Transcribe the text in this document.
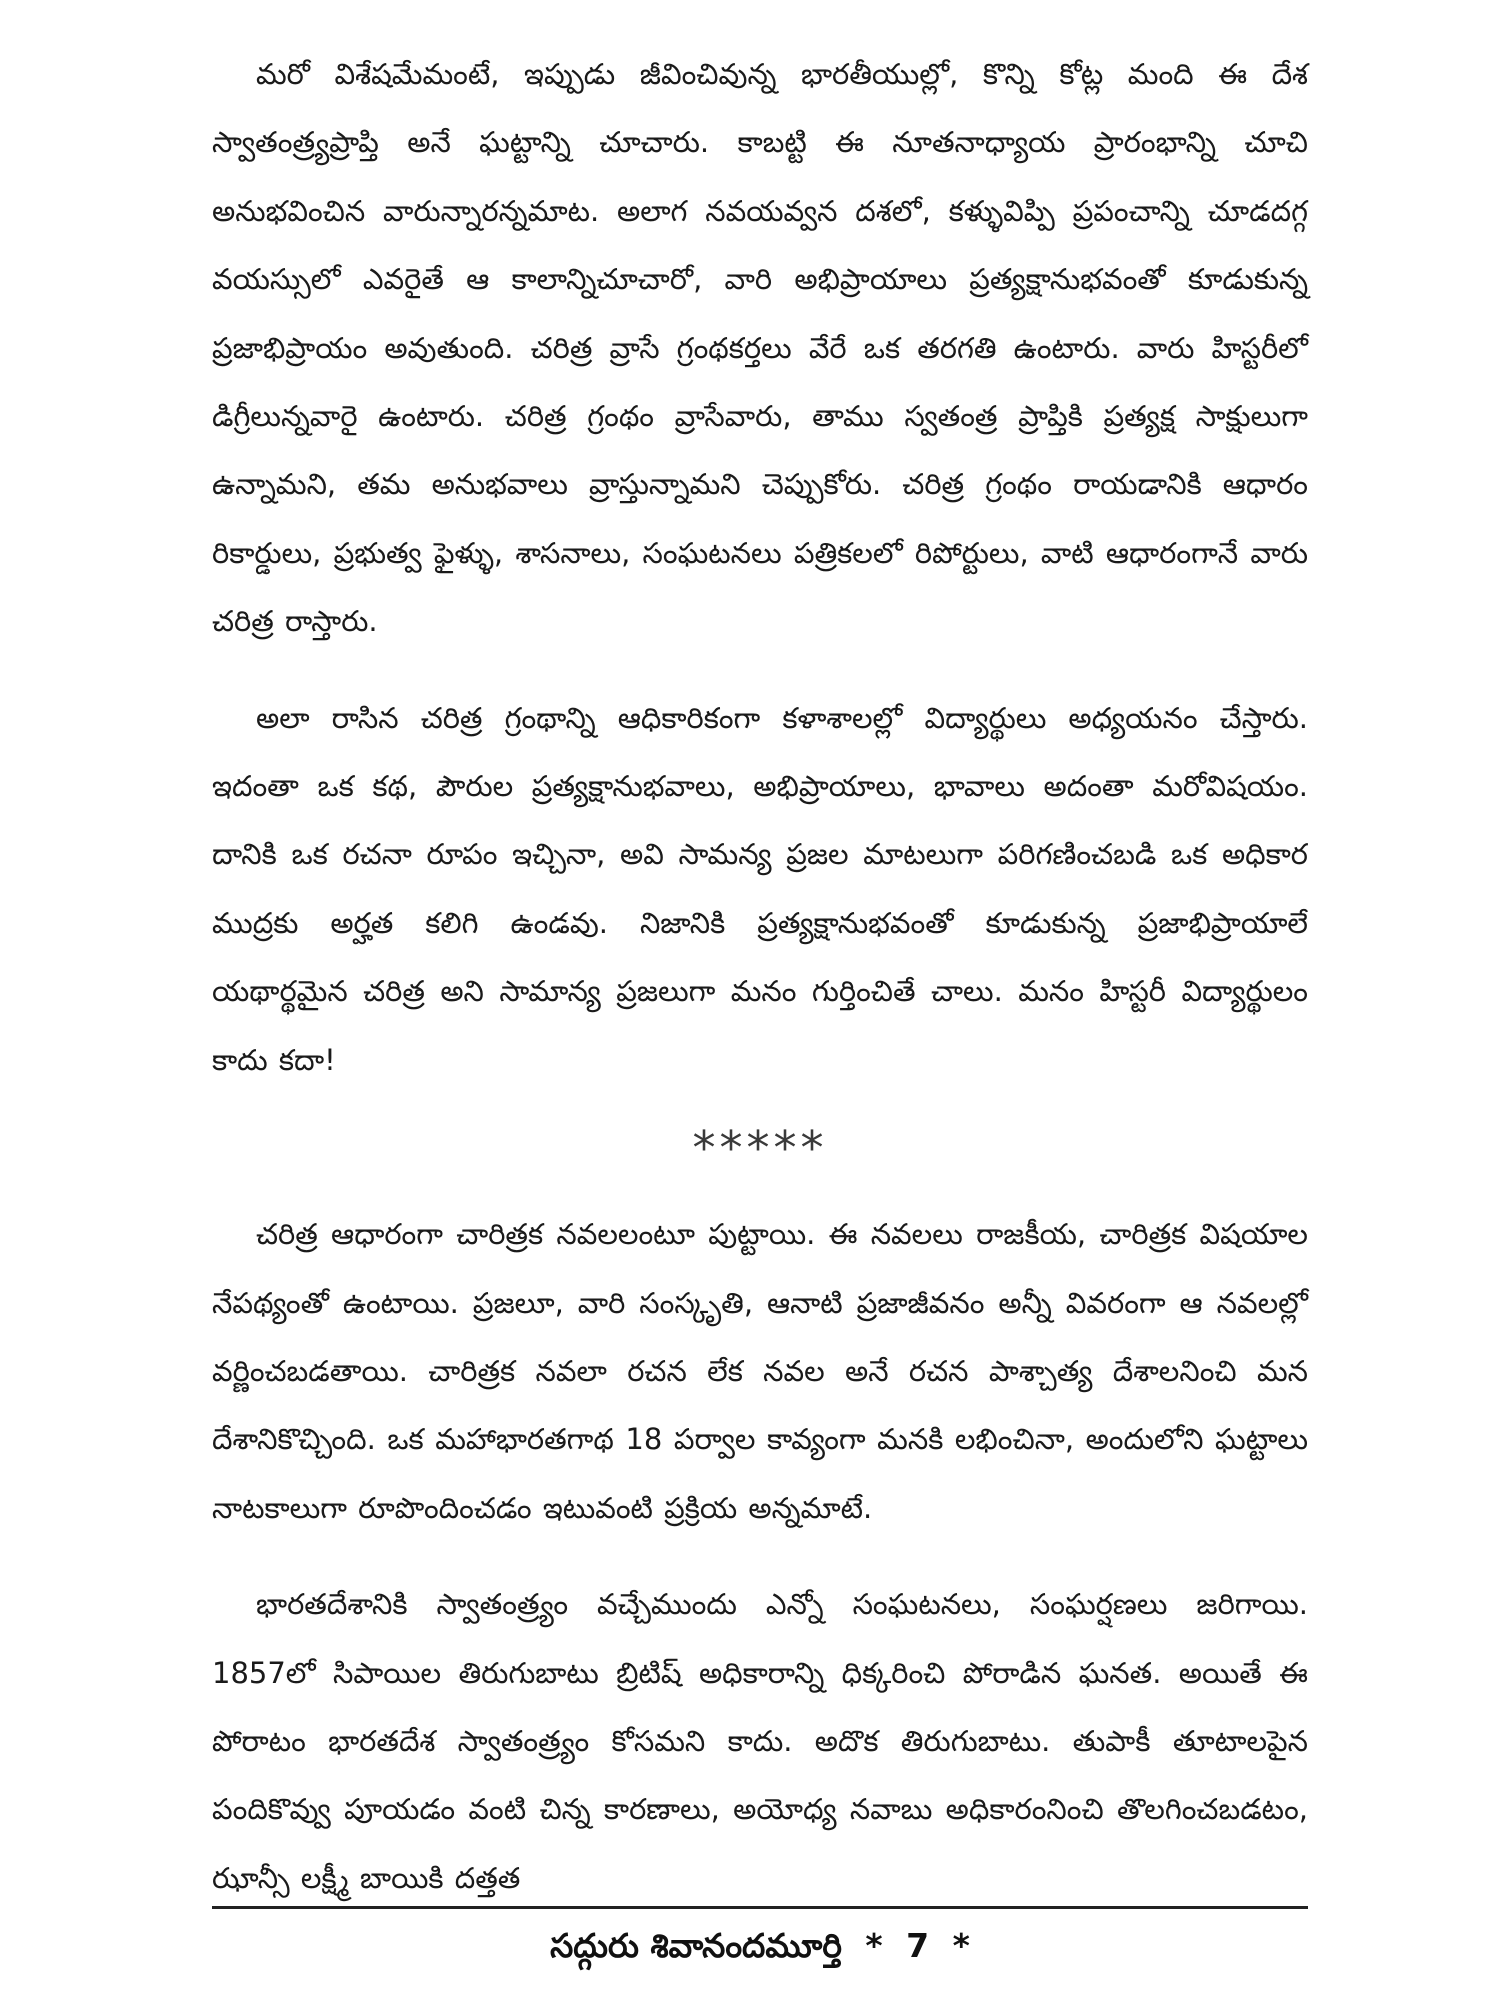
మరో విశేషమేమంటే, ఇప్పుడు జీవించివున్న భారతీయుల్లో, కొన్ని కోట్ల మంది ఈ దేశ స్వాతంత్ర్యప్రాప్తి అనే ఘట్టాన్ని చూచారు. కాబట్టి ఈ నూతనాధ్యాయ ప్రారంభాన్ని చూచి అనుభవించిన వారున్నారన్నమాట. అలాగ నవయవ్వన దశలో, కళ్ళువిప్పి ప్రపంచాన్ని చూడదగ్గ వయస్సులో ఎవరైతే ఆ కాలాన్నిచూచారో, వారి అభిప్రాయాలు ప్రత్యక్షానుభవంతో కూడుకున్న ప్రజాభిప్రాయం అవుతుంది. చరిత్ర వ్రాసే గ్రంథకర్తలు వేరే ఒక తరగతి ఉంటారు. వారు హిస్టరీలో డిగ్రీలున్నవారై ఉంటారు. చరిత్ర గ్రంథం వ్రాసేవారు, తాము స్వతంత్ర ప్రాప్తికి ప్రత్యక్ష సాక్షులుగా ఉన్నామని, తమ అనుభవాలు వ్రాస్తున్నామని చెప్పుకోరు. చరిత్ర గ్రంథం రాయడానికి ఆధారం రికార్డులు, ప్రభుత్వ ఫైళ్ళు, శాసనాలు, సంఘటనలు పత్రికలలో రిపోర్టులు, వాటి ఆధారంగానే వారు చరిత్ర రాస్తారు.

అలా రాసిన చరిత్ర గ్రంథాన్ని ఆధికారికంగా కళాశాలల్లో విద్యార్థులు అధ్యయనం చేస్తారు. ఇదంతా ఒక కథ, పౌరుల ప్రత్యక్షానుభవాలు, అభిప్రాయాలు, భావాలు అదంతా మరోవిషయం. దానికి ఒక రచనా రూపం ఇచ్చినా, అవి సామన్య ప్రజల మాటలుగా పరిగణించబడి ఒక అధికార ముద్రకు అర్హత కలిగి ఉండవు. నిజానికి ప్రత్యక్షానుభవంతో కూడుకున్న ప్రజాభిప్రాయాలే యథార్థమైన చరిత్ర అని సామాన్య ప్రజలుగా మనం గుర్తించితే చాలు. మనం హిస్టరీ విద్యార్థులం కాదు కదా!

*****

చరిత్ర ఆధారంగా చారిత్రక నవలలంటూ పుట్టాయి. ఈ నవలలు రాజకీయ, చారిత్రక విషయాల నేపథ్యంతో ఉంటాయి. ప్రజలూ, వారి సంస్కృతి, ఆనాటి ప్రజాజీవనం అన్నీ వివరంగా ఆ నవలల్లో వర్ణించబడతాయి. చారిత్రక నవలా రచన లేక నవల అనే రచన పాశ్చాత్య దేశాలనించి మన దేశానికొచ్చింది. ఒక మహాభారతగాథ 18 పర్వాల కావ్యంగా మనకి లభించినా, అందులోని ఘట్టాలు నాటకాలుగా రూపొందించడం ఇటువంటి ప్రక్రియ అన్నమాటే.

భారతదేశానికి స్వాతంత్ర్యం వచ్చేముందు ఎన్నో సంఘటనలు, సంఘర్షణలు జరిగాయి. 1857లో సిపాయిల తిరుగుబాటు బ్రిటిష్ అధికారాన్ని ధిక్కరించి పోరాడిన ఘనత. అయితే ఈ పోరాటం భారతదేశ స్వాతంత్ర్యం కోసమని కాదు. అదొక తిరుగుబాటు. తుపాకీ తూటాలపైన పందికొవ్వు పూయడం వంటి చిన్న కారణాలు, అయోధ్య నవాబు అధికారంనించి తొలగించబడటం, ఝాన్సీ లక్ష్మీ బాయికి దత్తత

సద్గురు శివానందమూర్తి * 7 *
